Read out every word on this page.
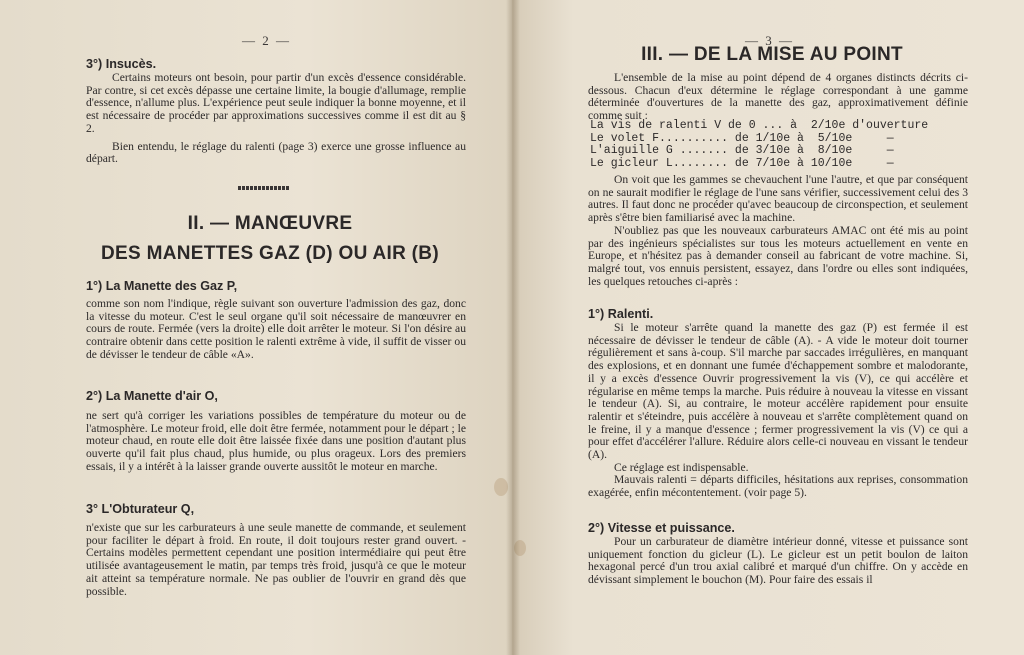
— 2 —
3°) Insucès.

Certains moteurs ont besoin, pour partir d'un excès d'essence considérable. Par contre, si cet excès dépasse une certaine limite, la bougie d'allumage, remplie d'essence, n'allume plus. L'expérience peut seule indiquer la bonne moyenne, et il est nécessaire de procéder par approximations successives comme il est dit au § 2.

Bien entendu, le réglage du ralenti (page 3) exerce une grosse influence au départ.

II. — MANŒUVRE
DES MANETTES GAZ (D) OU AIR (B)
1°) La Manette des Gaz P,

comme son nom l'indique, règle suivant son ouverture l'admission des gaz, donc la vitesse du moteur. C'est le seul organe qu'il soit nécessaire de manœuvrer en cours de route. Fermée (vers la droite) elle doit arrêter le moteur. Si l'on désire au contraire obtenir dans cette position le ralenti extrême à vide, il suffit de visser ou de dévisser le tendeur de câble «A».

2°) La Manette d'air O,

ne sert qu'à corriger les variations possibles de température du moteur ou de l'atmosphère. Le moteur froid, elle doit être fermée, notamment pour le départ ; le moteur chaud, en route elle doit être laissée fixée dans une position d'autant plus ouverte qu'il fait plus chaud, plus humide, ou plus orageux. Lors des premiers essais, il y a intérêt à la laisser grande ouverte aussitôt le moteur en marche.

3° L'Obturateur Q,

n'existe que sur les carburateurs à une seule manette de commande, et seulement pour faciliter le départ à froid. En route, il doit toujours rester grand ouvert. - Certains modèles permettent cependant une position intermédiaire qui peut être utilisée avantageusement le matin, par temps très froid, jusqu'à ce que le moteur ait atteint sa température normale. Ne pas oublier de l'ouvrir en grand dès que possible.

— 3 —
III. — DE LA MISE AU POINT

L'ensemble de la mise au point dépend de 4 organes distincts décrits ci-dessous. Chacun d'eux détermine le réglage correspondant à une gamme déterminée d'ouvertures de la manette des gaz, approximativement définie comme suit :

La vis de ralenti V de 0 ... à  2/10e d'ouverture
Le volet F.......... de 1/10e à  5/10e     —
L'aiguille G ....... de 3/10e à  8/10e     —
Le gicleur L........ de 7/10e à 10/10e     —

On voit que les gammes se chevauchent l'une l'autre, et que par conséquent on ne saurait modifier le réglage de l'une sans vérifier, successivement celui des 3 autres. Il faut donc ne procéder qu'avec beaucoup de circonspection, et seulement après s'être bien familiarisé avec la machine.

N'oubliez pas que les nouveaux carburateurs AMAC ont été mis au point par des ingénieurs spécialistes sur tous les moteurs actuellement en vente en Europe, et n'hésitez pas à demander conseil au fabricant de votre machine. Si, malgré tout, vos ennuis persistent, essayez, dans l'ordre ou elles sont indiquées, les quelques retouches ci-après :

1°) Ralenti.

Si le moteur s'arrête quand la manette des gaz (P) est fermée il est nécessaire de dévisser le tendeur de câble (A). - A vide le moteur doit tourner régulièrement et sans à-coup. S'il marche par saccades irrégulières, en manquant des explosions, et en donnant une fumée d'échappement sombre et malodorante, il y a excès d'essence Ouvrir progressivement la vis (V), ce qui accélère et régularise en même temps la marche. Puis réduire à nouveau la vitesse en vissant le tendeur (A). Si, au contraire, le moteur accélère rapidement pour ensuite ralentir et s'éteindre, puis accélère à nouveau et s'arrête complètement quand on le freine, il y a manque d'essence ; fermer progressivement la vis (V) ce qui a pour effet d'accélérer l'allure. Réduire alors celle-ci nouveau en vissant le tendeur (A).

Ce réglage est indispensable.

Mauvais ralenti = départs difficiles, hésitations aux reprises, consommation exagérée, enfin mécontentement. (voir page 5).

2°) Vitesse et puissance.

Pour un carburateur de diamètre intérieur donné, vitesse et puissance sont uniquement fonction du gicleur (L). Le gicleur est un petit boulon de laiton hexagonal percé d'un trou axial calibré et marqué d'un chiffre. On y accède en dévissant simplement le bouchon (M). Pour faire des essais il
